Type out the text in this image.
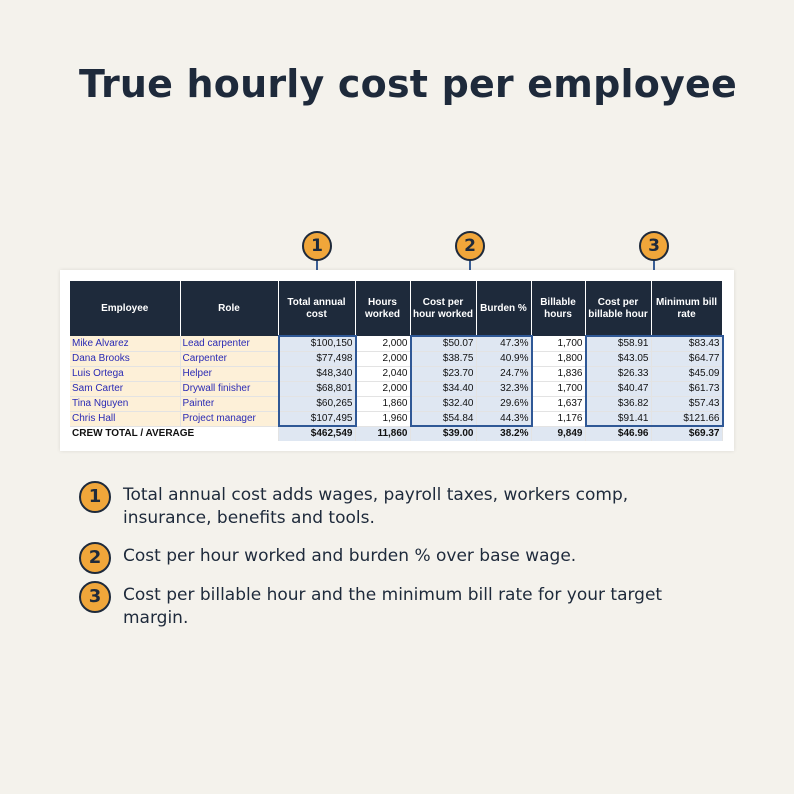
True hourly cost per employee
1	2	3
Employee	Role	Total annual cost	Hours worked	Cost per hour worked	Burden %	Billable hours	Cost per billable hour	Minimum bill rate
Mike Alvarez	Lead carpenter	$100,150	2,000	$50.07	47.3%	1,700	$58.91	$83.43
Dana Brooks	Carpenter	$77,498	2,000	$38.75	40.9%	1,800	$43.05	$64.77
Luis Ortega	Helper	$48,340	2,040	$23.70	24.7%	1,836	$26.33	$45.09
Sam Carter	Drywall finisher	$68,801	2,000	$34.40	32.3%	1,700	$40.47	$61.73
Tina Nguyen	Painter	$60,265	1,860	$32.40	29.6%	1,637	$36.82	$57.43
Chris Hall	Project manager	$107,495	1,960	$54.84	44.3%	1,176	$91.41	$121.66
CREW TOTAL / AVERAGE		$462,549	11,860	$39.00	38.2%	9,849	$46.96	$69.37
1	Total annual cost adds wages, payroll taxes, workers comp, insurance, benefits and tools.
2	Cost per hour worked and burden % over base wage.
3	Cost per billable hour and the minimum bill rate for your target margin.
